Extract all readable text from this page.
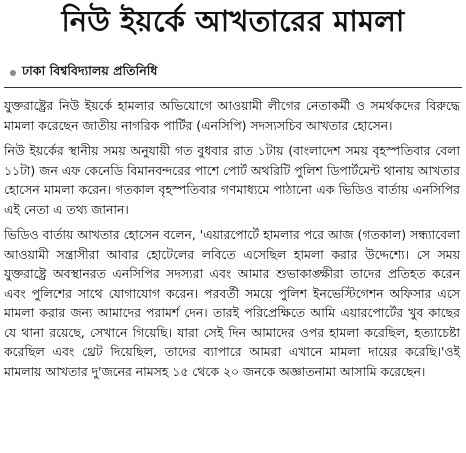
নিউ ইয়র্কে আখতারের মামলা
ঢাকা বিশ্ববিদ্যালয় প্রতিনিধি

যুক্তরাষ্ট্রের নিউ ইয়র্কে হামলার অভিযোগে আওয়ামী লীগের নেতাকর্মী ও সমর্থকদের বিরুদ্ধে মামলা করেছেন জাতীয় নাগরিক পার্টির (এনসিপি) সদস্যসচিব আখতার হোসেন।

নিউ ইয়র্কের স্থানীয় সময় অনুযায়ী গত বুধবার রাত ১টায় (বাংলাদেশ সময় বৃহস্পতিবার বেলা ১১টা) জন এফ কেনেডি বিমানবন্দরের পাশে পোর্ট অথরিটি পুলিশ ডিপার্টমেন্ট থানায় আখতার হোসেন মামলা করেন। গতকাল বৃহস্পতিবার গণমাধ্যমে পাঠানো এক ভিডিও বার্তায় এনসিপির এই নেতা এ তথ্য জানান।

ভিডিও বার্তায় আখতার হোসেন বলেন, 'এয়ারপোর্টে হামলার পরে আজ (গতকাল) সন্ধ্যাবেলা আওয়ামী সন্ত্রাসীরা আবার হোটেলের লবিতে এসেছিল হামলা করার উদ্দেশ্যে। সে সময় যুক্তরাষ্ট্রে অবস্থানরত এনসিপির সদস্যরা এবং আমার শুভাকাঙ্ক্ষীরা তাদের প্রতিহত করেন এবং পুলিশের সাথে যোগাযোগ করেন। পরবর্তী সময়ে পুলিশ ইনভেস্টিগেশন অফিসার এসে মামলা করার জন্য আমাদের পরামর্শ দেন। তারই পরিপ্রেক্ষিতে আমি এয়ারপোর্টের খুব কাছের যে থানা রয়েছে, সেখানে গিয়েছি। যারা সেই দিন আমাদের ওপর হামলা করেছিল, হত্যাচেষ্টা করেছিল এবং থ্রেট দিয়েছিল, তাদের ব্যাপারে আমরা এখানে মামলা দায়ের করেছি।'ওই মামলায় আখতার দু'জনের নামসহ ১৫ থেকে ২০ জনকে অজ্ঞাতনামা আসামি করেছেন।
